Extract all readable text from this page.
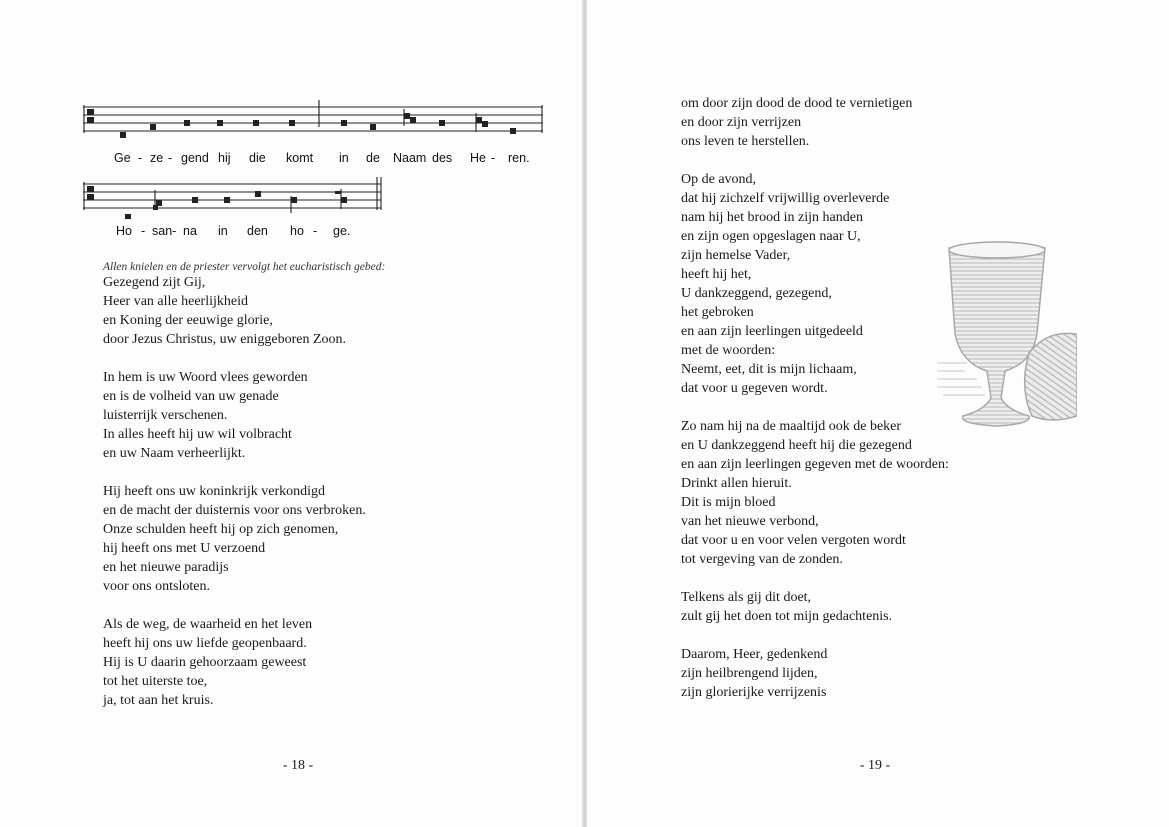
Ge - ze - gend hij die komt in de Naam des He - ren.
Ho - san- na in den ho - ge.
Allen knielen en de priester vervolgt het eucharistisch gebed:
Gezegend zijt Gij,
Heer van alle heerlijkheid
en Koning der eeuwige glorie,
door Jezus Christus, uw eniggeboren Zoon.
In hem is uw Woord vlees geworden
en is de volheid van uw genade
luisterrijk verschenen.
In alles heeft hij uw wil volbracht
en uw Naam verheerlijkt.
Hij heeft ons uw koninkrijk verkondigd
en de macht der duisternis voor ons verbroken.
Onze schulden heeft hij op zich genomen,
hij heeft ons met U verzoend
en het nieuwe paradijs
voor ons ontsloten.
Als de weg, de waarheid en het leven
heeft hij ons uw liefde geopenbaard.
Hij is U daarin gehoorzaam geweest
tot het uiterste toe,
ja, tot aan het kruis.
- 18 -
om door zijn dood de dood te vernietigen
en door zijn verrijzen
ons leven te herstellen.
Op de avond,
dat hij zichzelf vrijwillig overleverde
nam hij het brood in zijn handen
en zijn ogen opgeslagen naar U,
zijn hemelse Vader,
heeft hij het,
U dankzeggend, gezegend,
het gebroken
en aan zijn leerlingen uitgedeeld
met de woorden:
Neemt, eet, dit is mijn lichaam,
dat voor u gegeven wordt.
Zo nam hij na de maaltijd ook de beker
en U dankzeggend heeft hij die gezegend
en aan zijn leerlingen gegeven met de woorden:
Drinkt allen hieruit.
Dit is mijn bloed
van het nieuwe verbond,
dat voor u en voor velen vergoten wordt
tot vergeving van de zonden.
Telkens als gij dit doet,
zult gij het doen tot mijn gedachtenis.
Daarom, Heer, gedenkend
zijn heilbrengend lijden,
zijn glorierijke verrijzenis
- 19 -
